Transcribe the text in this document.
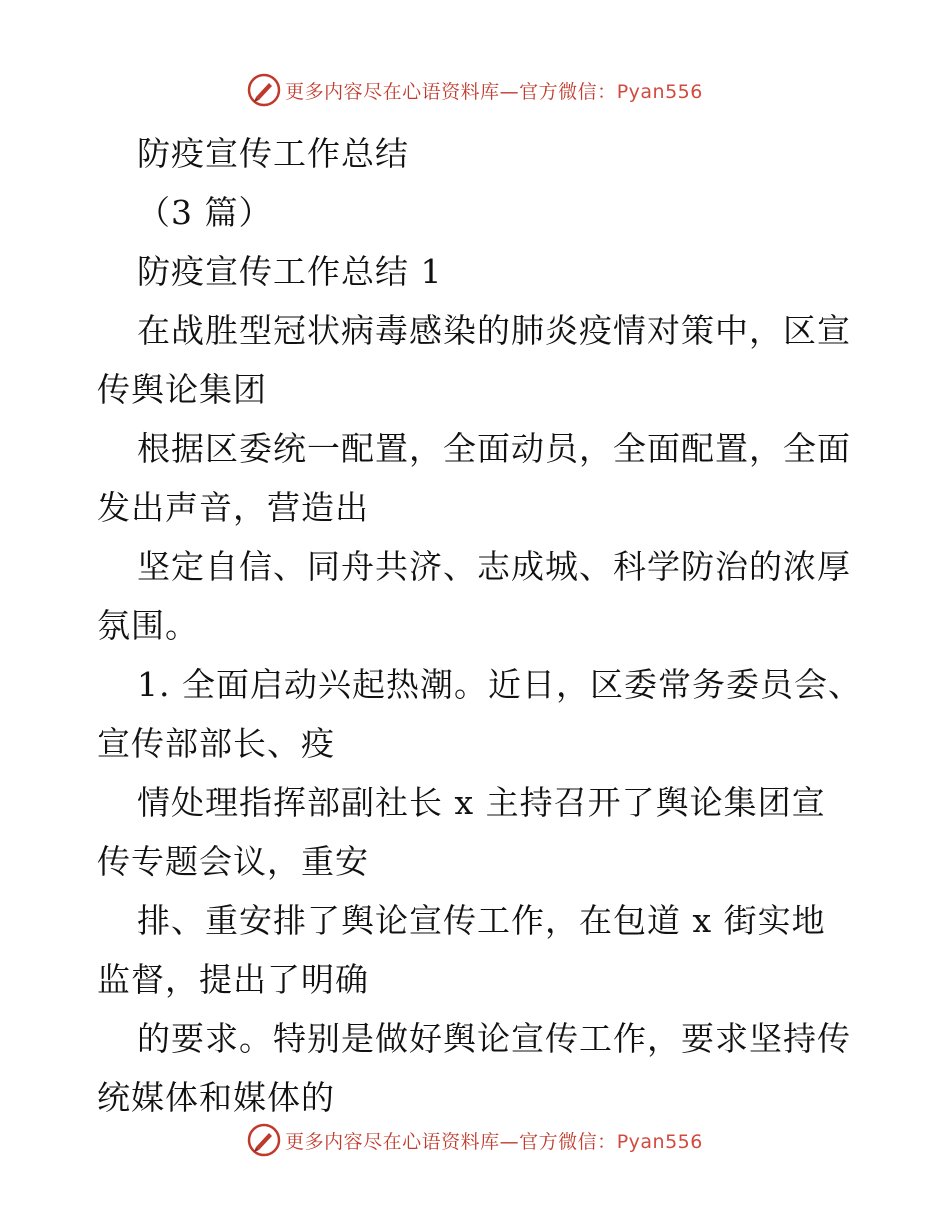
更多内容尽在心语资料库—官方微信：Pyan556
防疫宣传工作总结
（3 篇）
防疫宣传工作总结 1
在战胜型冠状病毒感染的肺炎疫情对策中，区宣
传舆论集团
根据区委统一配置，全面动员，全面配置，全面
发出声音，营造出
坚定自信、同舟共济、志成城、科学防治的浓厚
氛围。
1. 全面启动兴起热潮。近日，区委常务委员会、
宣传部部长、疫
情处理指挥部副社长 x 主持召开了舆论集团宣
传专题会议，重安
排、重安排了舆论宣传工作，在包道 x 街实地
监督，提出了明确
的要求。特别是做好舆论宣传工作，要求坚持传
统媒体和媒体的
更多内容尽在心语资料库—官方微信：Pyan556
